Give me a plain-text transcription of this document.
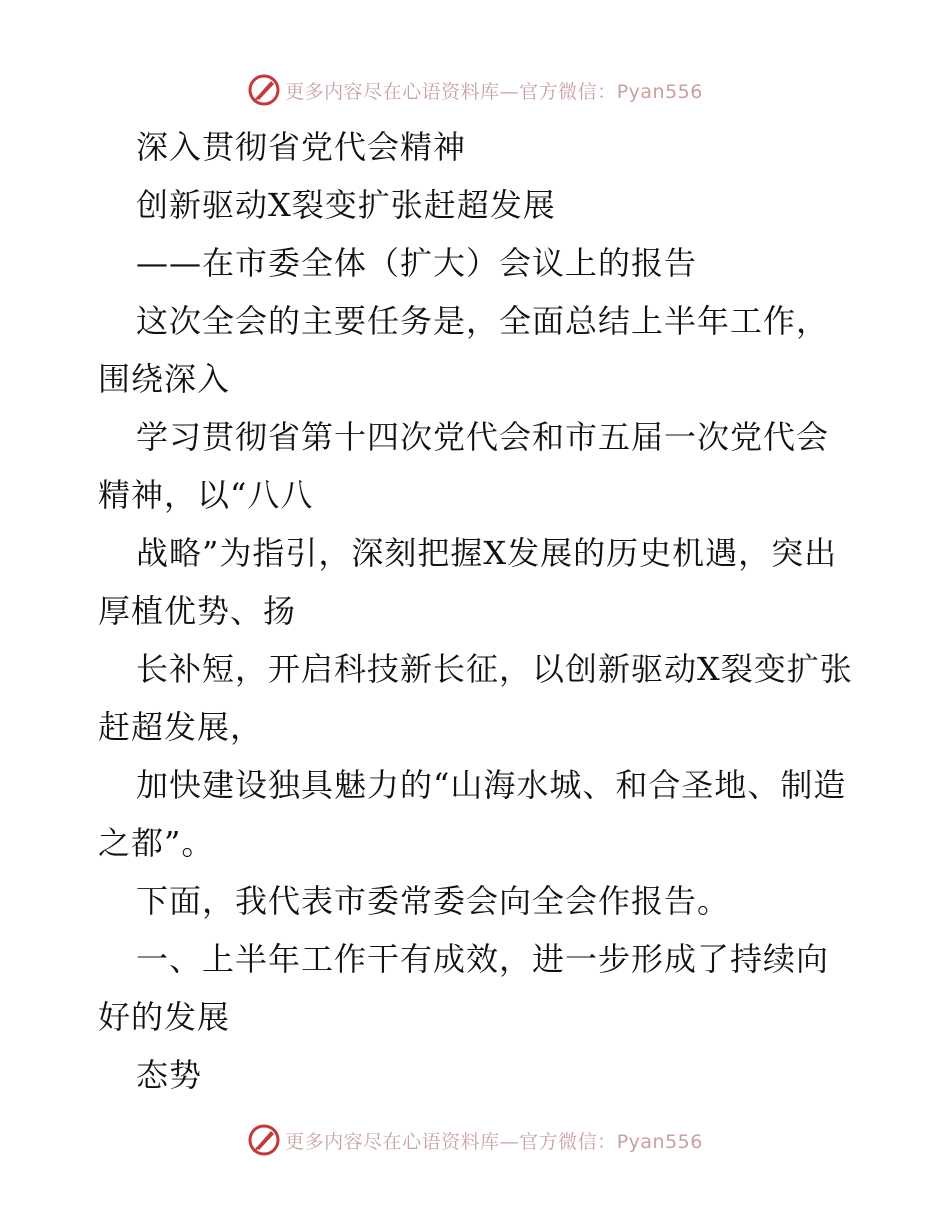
更多内容尽在心语资料库—官方微信：Pyan556

深入贯彻省党代会精神

创新驱动X裂变扩张赶超发展

——在市委全体（扩大）会议上的报告

这次全会的主要任务是，全面总结上半年工作，围绕深入

学习贯彻省第十四次党代会和市五届一次党代会精神，以“八八

战略”为指引，深刻把握X发展的历史机遇，突出厚植优势、扬

长补短，开启科技新长征，以创新驱动X裂变扩张赶超发展，

加快建设独具魅力的“山海水城、和合圣地、制造之都”。

下面，我代表市委常委会向全会作报告。

一、上半年工作干有成效，进一步形成了持续向好的发展

态势

更多内容尽在心语资料库—官方微信：Pyan556
